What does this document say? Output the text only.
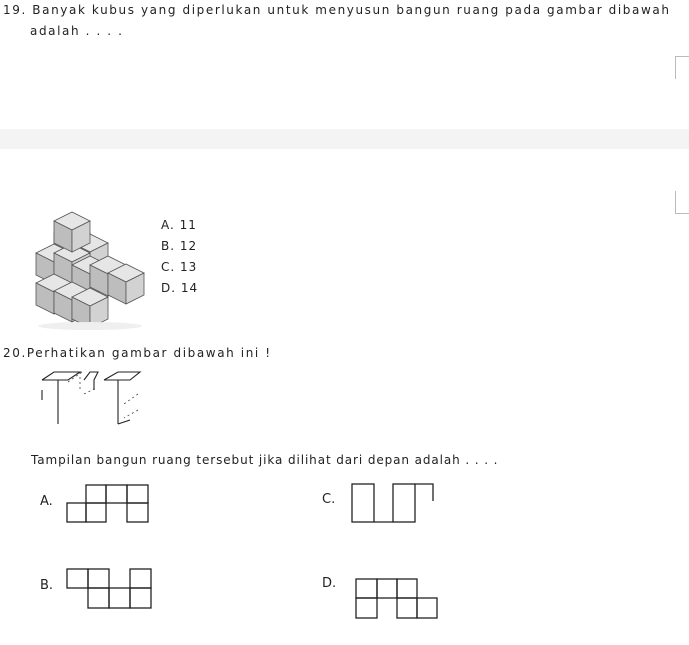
19. Banyak kubus yang diperlukan untuk menyusun bangun ruang pada gambar dibawah
adalah . . . .
A. 11
B. 12
C. 13
D. 14
20.Perhatikan gambar dibawah ini !
Tampilan bangun ruang tersebut jika dilihat dari depan adalah . . . .
A.	C.
B.	D.
